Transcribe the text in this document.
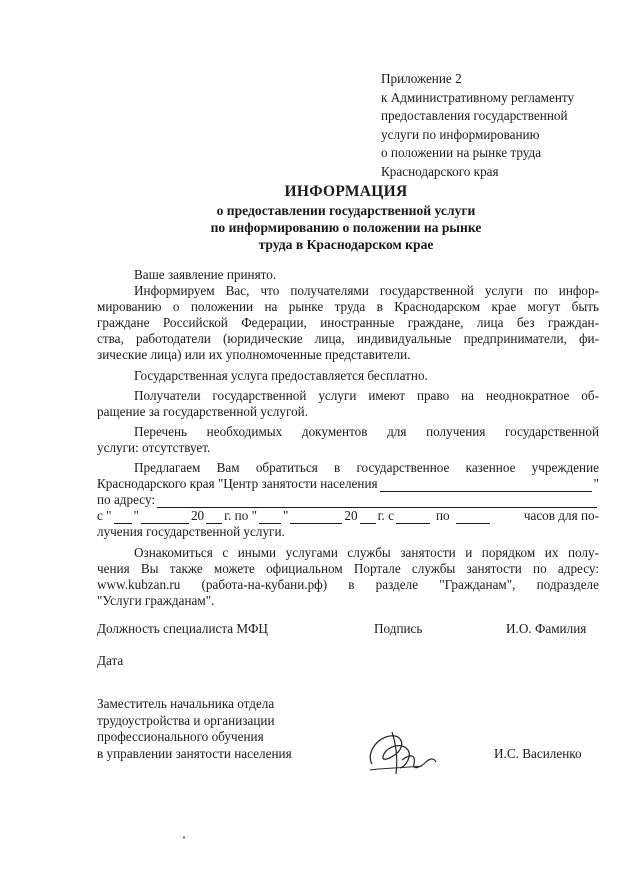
Приложение 2
к Административному регламенту
предоставления государственной
услуги по информированию
о положении на рынке труда
Краснодарского края
ИНФОРМАЦИЯ
о предоставлении государственной услуги
по информированию о положении на рынке
труда в Краснодарском крае

Ваше заявление принято.

Информируем Вас, что получателями государственной услуги по инфор-

мированию о положении на рынке труда в Краснодарском крае могут быть

граждане Российской Федерации, иностранные граждане, лица без граждан-

ства, работодатели (юридические лица, индивидуальные предприниматели, фи-

зические лица) или их уполномоченные представители.

Государственная услуга предоставляется бесплатно.

Получатели государственной услуги имеют право на неоднократное об-

ращение за государственной услугой.

Перечень необходимых документов для получения государственной

услуги: отсутствует.

Предлагаем Вам обратиться в государственное казенное учреждение

Краснодарского края "Центр занятости населения	"
по адресу:
с " "	20 г. по " "	20 г. с	по	часов для по-

лучения государственной услуги.

Ознакомиться с иными услугами службы занятости и порядком их полу-

чения Вы также можете официальном Портале службы занятости по адресу:

www.kubzan.ru (работа-на-кубани.рф) в разделе "Гражданам", подразделе

"Услуги гражданам".

Должность специалиста МФЦ	Подпись	И.О. Фамилия
Дата
Заместитель начальника отдела
трудоустройства и организации
профессионального обучения
в управлении занятости населения	И.С. Василенко
